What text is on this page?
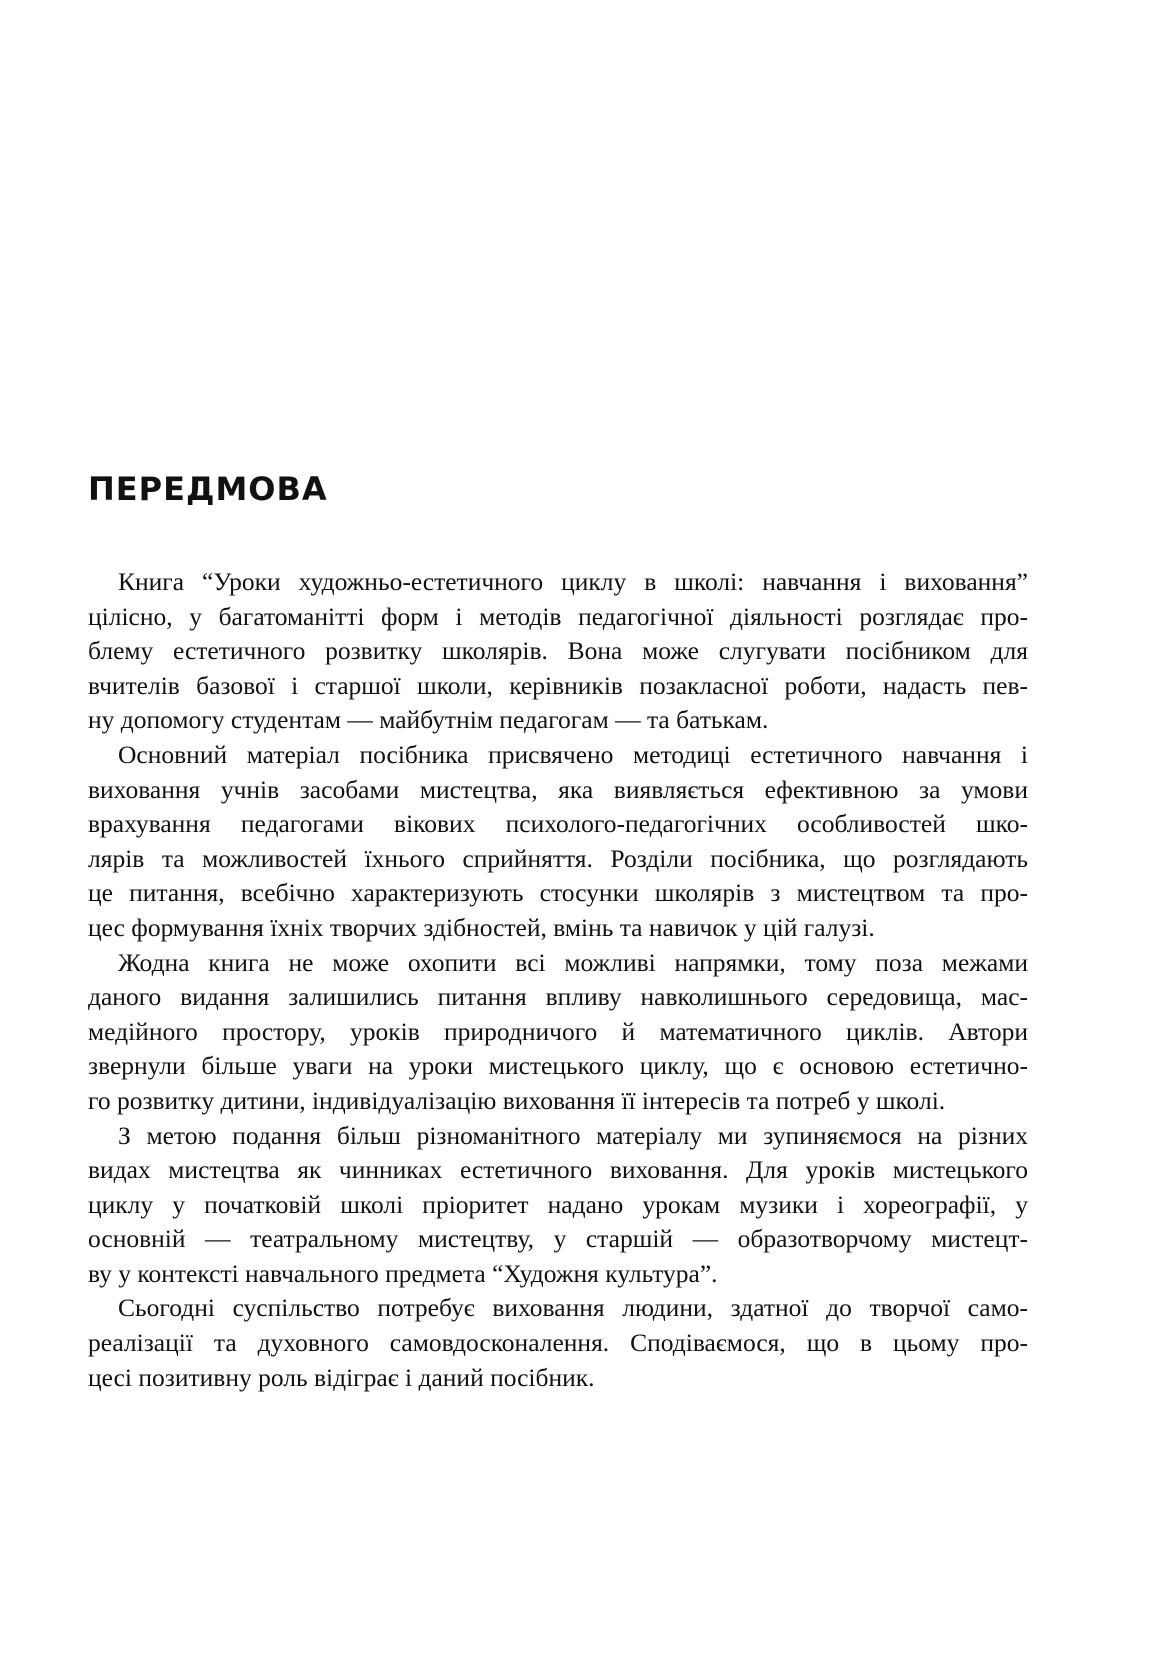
ПЕРЕДМОВА

Книга “Уроки художньо-естетичного циклу в школі: навчання і виховання”
цілісно, у багатоманітті форм і методів педагогічної діяльності розглядає про-
блему естетичного розвитку школярів. Вона може слугувати посібником для
вчителів базової і старшої школи, керівників позакласної роботи, надасть пев-
ну допомогу студентам — майбутнім педагогам — та батькам.

Основний матеріал посібника присвячено методиці естетичного навчання і
виховання учнів засобами мистецтва, яка виявляється ефективною за умови
врахування педагогами вікових психолого-педагогічних особливостей шко-
лярів та можливостей їхнього сприйняття. Розділи посібника, що розглядають
це питання, всебічно характеризують стосунки школярів з мистецтвом та про-
цес формування їхніх творчих здібностей, вмінь та навичок у цій галузі.

Жодна книга не може охопити всі можливі напрямки, тому поза межами
даного видання залишились питання впливу навколишнього середовища, мас-
медійного простору, уроків природничого й математичного циклів. Автори
звернули більше уваги на уроки мистецького циклу, що є основою естетично-
го розвитку дитини, індивідуалізацію виховання її інтересів та потреб у школі.

З метою подання більш різноманітного матеріалу ми зупиняємося на різних
видах мистецтва як чинниках естетичного виховання. Для уроків мистецького
циклу у початковій школі пріоритет надано урокам музики і хореографії, у
основній — театральному мистецтву, у старшій — образотворчому мистецт-
ву у контексті навчального предмета “Художня культура”.

Сьогодні суспільство потребує виховання людини, здатної до творчої само-
реалізації та духовного самовдосконалення. Сподіваємося, що в цьому про-
цесі позитивну роль відіграє і даний посібник.
